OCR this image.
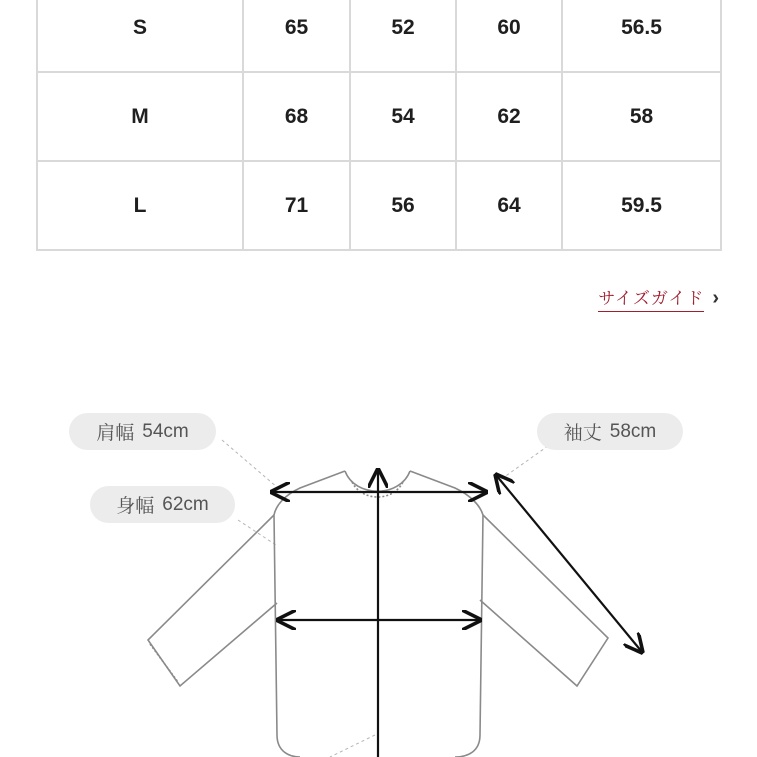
S	65	52	60	56.5
M	68	54	62	58
L	71	56	64	59.5
サイズガイド ›
肩幅 54cm
身幅 62cm
袖丈 58cm
